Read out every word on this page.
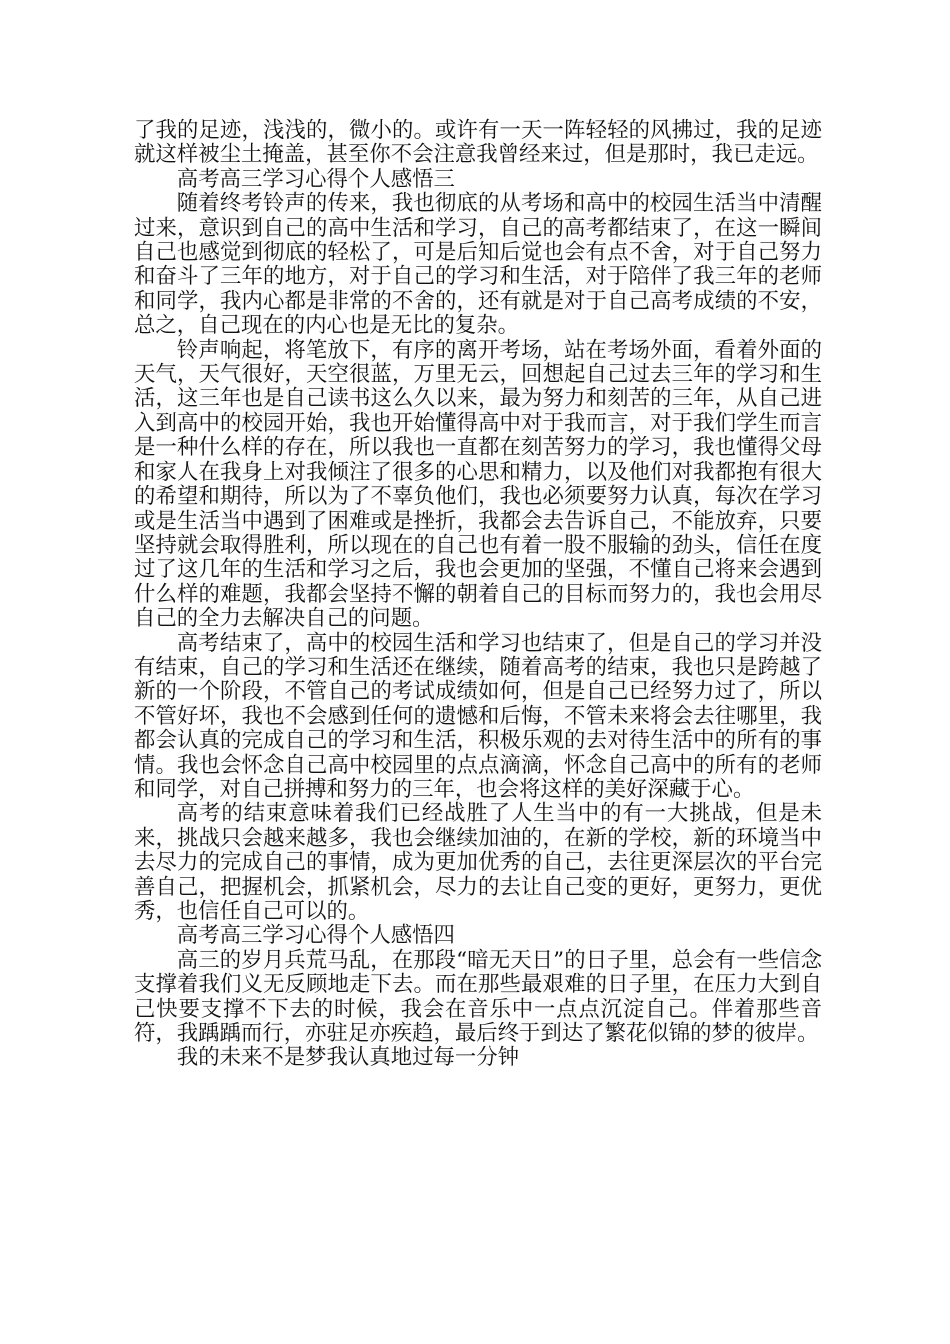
了我的足迹，浅浅的，微小的。或许有一天一阵轻轻的风拂过，我的足迹就这样被尘土掩盖，甚至你不会注意我曾经来过，但是那时，我已走远。

高考高三学习心得个人感悟三

随着终考铃声的传来，我也彻底的从考场和高中的校园生活当中清醒过来，意识到自己的高中生活和学习，自己的高考都结束了，在这一瞬间自己也感觉到彻底的轻松了，可是后知后觉也会有点不舍，对于自己努力和奋斗了三年的地方，对于自己的学习和生活，对于陪伴了我三年的老师和同学，我内心都是非常的不舍的，还有就是对于自己高考成绩的不安，总之，自己现在的内心也是无比的复杂。

铃声响起，将笔放下，有序的离开考场，站在考场外面，看着外面的天气，天气很好，天空很蓝，万里无云，回想起自己过去三年的学习和生活，这三年也是自己读书这么久以来，最为努力和刻苦的三年，从自己进入到高中的校园开始，我也开始懂得高中对于我而言，对于我们学生而言是一种什么样的存在，所以我也一直都在刻苦努力的学习，我也懂得父母和家人在我身上对我倾注了很多的心思和精力，以及他们对我都抱有很大的希望和期待，所以为了不辜负他们，我也必须要努力认真，每次在学习或是生活当中遇到了困难或是挫折，我都会去告诉自己，不能放弃，只要坚持就会取得胜利，所以现在的自己也有着一股不服输的劲头，信任在度过了这几年的生活和学习之后，我也会更加的坚强，不懂自己将来会遇到什么样的难题，我都会坚持不懈的朝着自己的目标而努力的，我也会用尽自己的全力去解决自己的问题。

高考结束了，高中的校园生活和学习也结束了，但是自己的学习并没有结束，自己的学习和生活还在继续，随着高考的结束，我也只是跨越了新的一个阶段，不管自己的考试成绩如何，但是自己已经努力过了，所以不管好坏，我也不会感到任何的遗憾和后悔，不管未来将会去往哪里，我都会认真的完成自己的学习和生活，积极乐观的去对待生活中的所有的事情。我也会怀念自己高中校园里的点点滴滴，怀念自己高中的所有的老师和同学，对自己拼搏和努力的三年，也会将这样的美好深藏于心。

高考的结束意味着我们已经战胜了人生当中的有一大挑战，但是未来，挑战只会越来越多，我也会继续加油的，在新的学校，新的环境当中去尽力的完成自己的事情，成为更加优秀的自己，去往更深层次的平台完善自己，把握机会，抓紧机会，尽力的去让自己变的更好，更努力，更优秀，也信任自己可以的。

高考高三学习心得个人感悟四

高三的岁月兵荒马乱，在那段“暗无天日”的日子里，总会有一些信念支撑着我们义无反顾地走下去。而在那些最艰难的日子里，在压力大到自己快要支撑不下去的时候，我会在音乐中一点点沉淀自己。伴着那些音符，我踽踽而行，亦驻足亦疾趋，最后终于到达了繁花似锦的梦的彼岸。

我的未来不是梦我认真地过每一分钟
